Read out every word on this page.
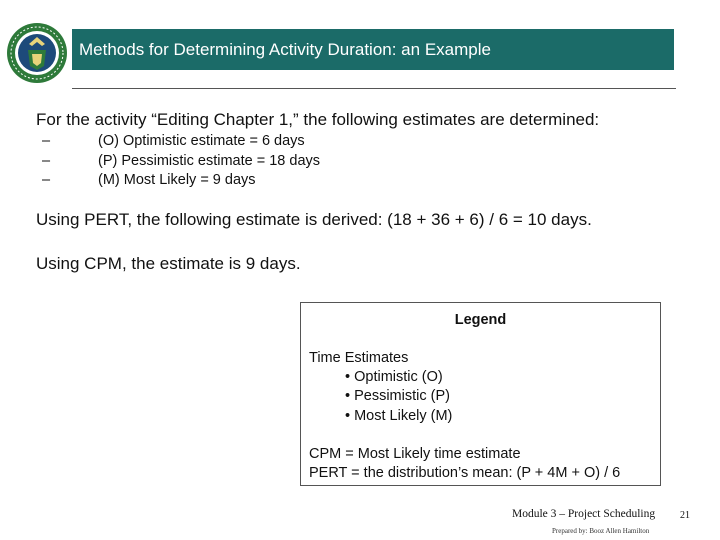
Methods for Determining Activity Duration: an Example
For the activity “Editing Chapter 1,” the following estimates are determined:
–	(O) Optimistic estimate = 6 days
–	(P) Pessimistic estimate = 18 days
–	(M) Most Likely = 9 days
Using PERT, the following estimate is derived: (18 + 36 + 6) / 6 = 10 days.
Using CPM, the estimate is 9 days.
Legend
Time Estimates
• Optimistic (O)
• Pessimistic (P)
• Most Likely (M)
CPM = Most Likely time estimate
PERT = the distribution’s mean: (P + 4M + O) / 6
Module 3 – Project Scheduling
Prepared by: Booz Allen Hamilton
21
